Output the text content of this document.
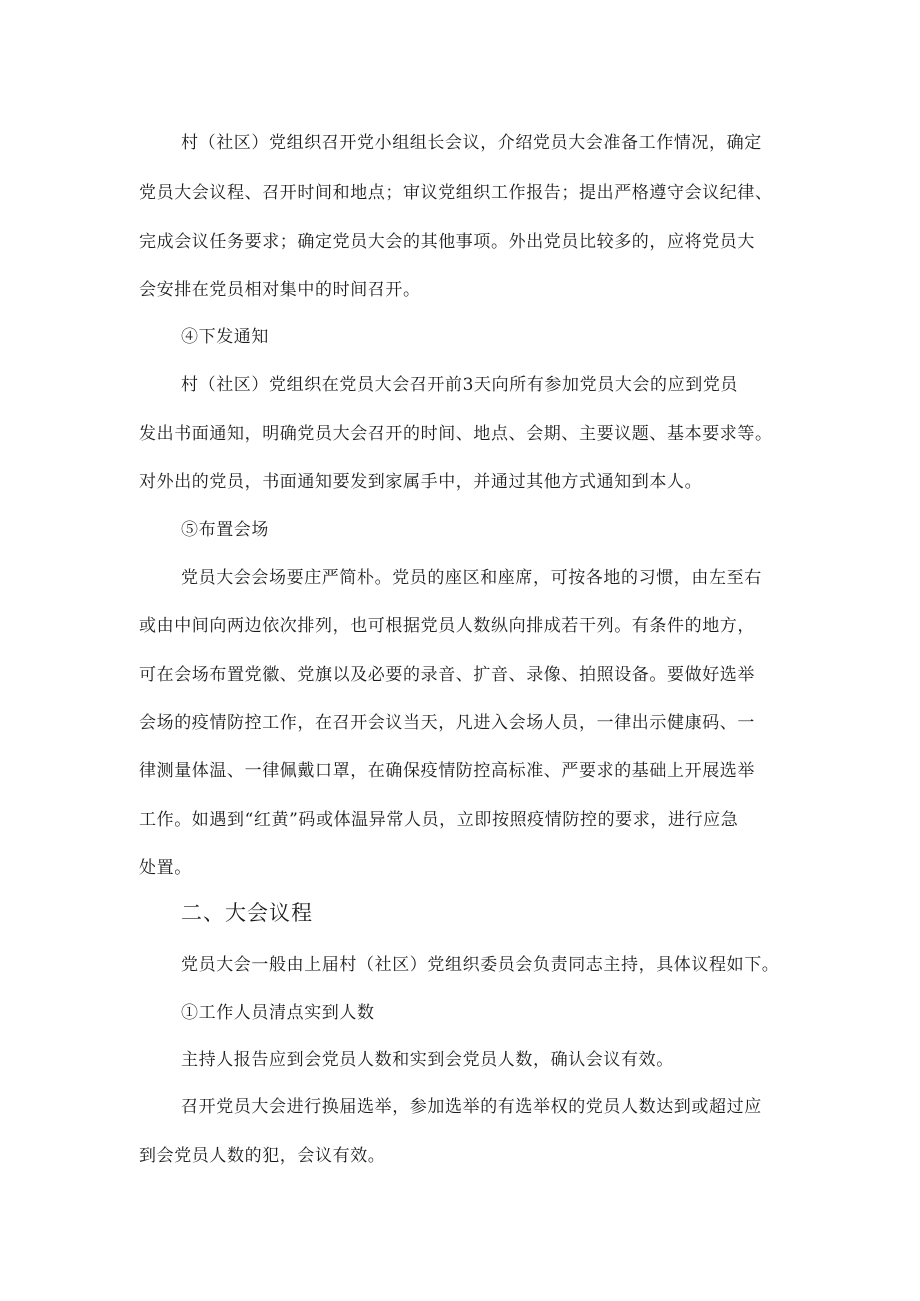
村（社区）党组织召开党小组组长会议，介绍党员大会准备工作情况，确定
党员大会议程、召开时间和地点；审议党组织工作报告；提出严格遵守会议纪律、
完成会议任务要求；确定党员大会的其他事项。外出党员比较多的，应将党员大
会安排在党员相对集中的时间召开。
④下发通知
村（社区）党组织在党员大会召开前3天向所有参加党员大会的应到党员
发出书面通知，明确党员大会召开的时间、地点、会期、主要议题、基本要求等。
对外出的党员，书面通知要发到家属手中，并通过其他方式通知到本人。
⑤布置会场
党员大会会场要庄严简朴。党员的座区和座席，可按各地的习惯，由左至右
或由中间向两边依次排列，也可根据党员人数纵向排成若干列。有条件的地方，
可在会场布置党徽、党旗以及必要的录音、扩音、录像、拍照设备。要做好选举
会场的疫情防控工作，在召开会议当天，凡进入会场人员，一律出示健康码、一
律测量体温、一律佩戴口罩，在确保疫情防控高标准、严要求的基础上开展选举
工作。如遇到“红黄”码或体温异常人员，立即按照疫情防控的要求，进行应急
处置。
二、大会议程
党员大会一般由上届村（社区）党组织委员会负责同志主持，具体议程如下。
①工作人员清点实到人数
主持人报告应到会党员人数和实到会党员人数，确认会议有效。
召开党员大会进行换届选举，参加选举的有选举权的党员人数达到或超过应
到会党员人数的犯，会议有效。
